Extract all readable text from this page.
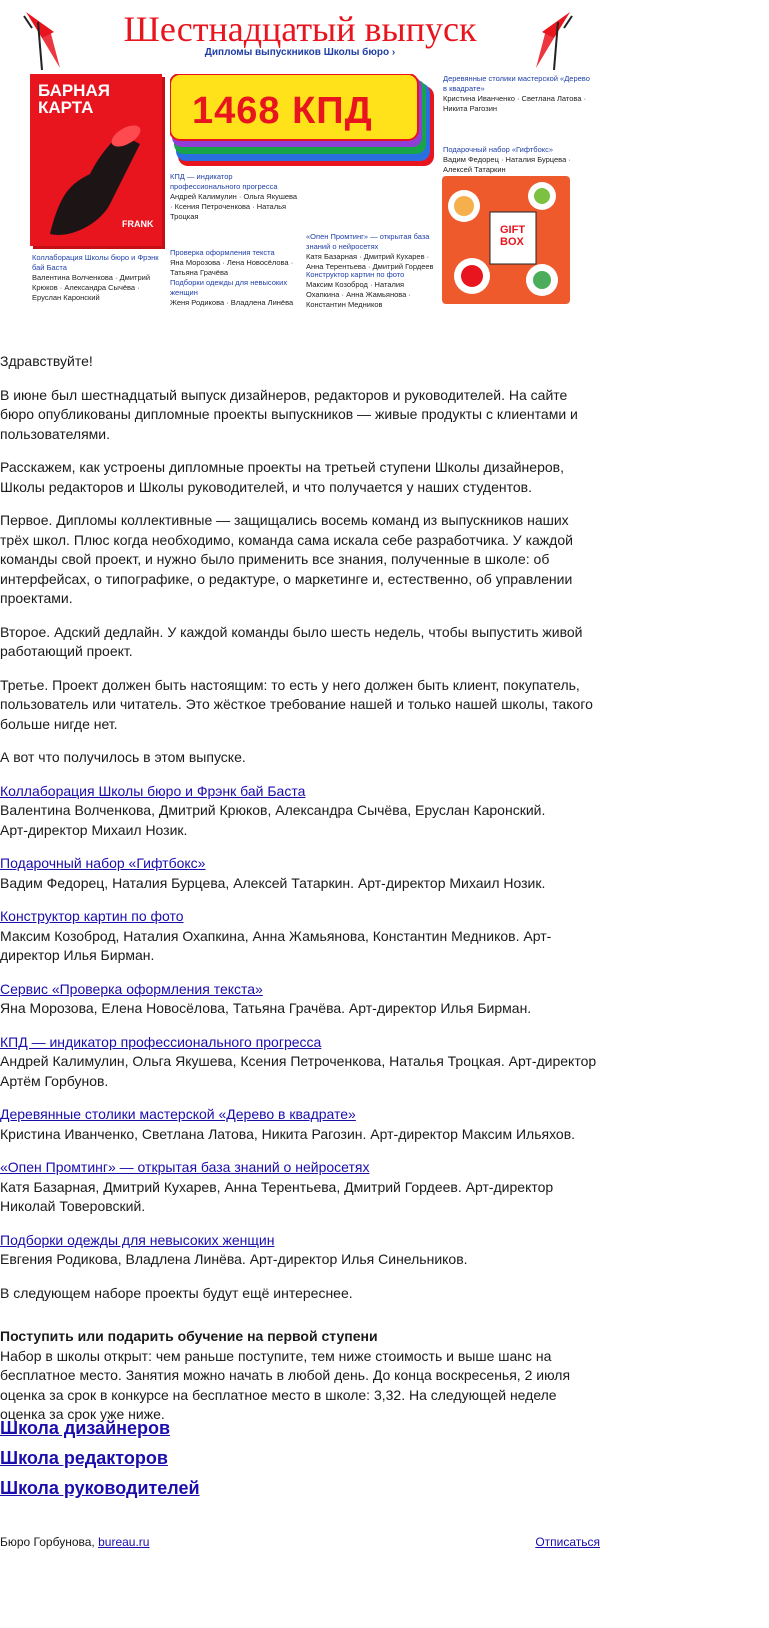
Шестнадцатый выпуск
Дипломы выпускников Школы бюро ›
БАРНАЯ КАРТА
FRANK
1468 КПД
GIFT BOX
Деревянные столики мастерской «Дерево в квадрате»
Кристина Иванченко · Светлана Латова · Никита Рагозин
Подарочный набор «Гифтбокс»
Вадим Федорец · Наталия Бурцева · Алексей Татаркин
КПД — индикатор профессионального прогресса
Андрей Калимулин · Ольга Якушева · Ксения Петроченкова · Наталья Троцкая
Коллаборация Школы бюро и Фрэнк бай Баста
Валентина Волченкова · Дмитрий Крюков · Александра Сычёва · Еруслан Каронский
Проверка оформления текста
Яна Морозова · Лена Новосёлова · Татьяна Грачёва
Подборки одежды для невысоких женщин
Женя Родикова · Владлена Линёва
«Опен Промтинг» — открытая база знаний о нейросетях
Катя Базарная · Дмитрий Кухарев · Анна Терентьева · Дмитрий Гордеев
Конструктор картин по фото
Максим Козоброд · Наталия Охапкина · Анна Жамьянова · Константин Медников

Здравствуйте!

В июне был шестнадцатый выпуск дизайнеров, редакторов и руководителей. На сайте бюро опубликованы дипломные проекты выпускников — живые продукты с клиентами и пользователями.

Расскажем, как устроены дипломные проекты на третьей ступени Школы дизайнеров, Школы редакторов и Школы руководителей, и что получается у наших студентов.

Первое. Дипломы коллективные — защищались восемь команд из выпускников наших трёх школ. Плюс когда необходимо, команда сама искала себе разработчика. У каждой команды свой проект, и нужно было применить все знания, полученные в школе: об интерфейсах, о типографике, о редактуре, о маркетинге и, естественно, об управлении проектами.

Второе. Адский дедлайн. У каждой команды было шесть недель, чтобы выпустить живой работающий проект.

Третье. Проект должен быть настоящим: то есть у него должен быть клиент, покупатель, пользователь или читатель. Это жёсткое требование нашей и только нашей школы, такого больше нигде нет.

А вот что получилось в этом выпуске.

Коллаборация Школы бюро и Фрэнк бай Баста
Валентина Волченкова, Дмитрий Крюков, Александра Сычёва, Еруслан Каронский.
Арт-директор Михаил Нозик.
Подарочный набор «Гифтбокс»
Вадим Федорец, Наталия Бурцева, Алексей Татаркин. Арт-директор Михаил Нозик.
Конструктор картин по фото
Максим Козоброд, Наталия Охапкина, Анна Жамьянова, Константин Медников. Арт-директор Илья Бирман.
Сервис «Проверка оформления текста»
Яна Морозова, Елена Новосёлова, Татьяна Грачёва. Арт-директор Илья Бирман.
КПД — индикатор профессионального прогресса
Андрей Калимулин, Ольга Якушева, Ксения Петроченкова, Наталья Троцкая. Арт-директор Артём Горбунов.
Деревянные столики мастерской «Дерево в квадрате»
Кристина Иванченко, Светлана Латова, Никита Рагозин. Арт-директор Максим Ильяхов.
«Опен Промтинг» — открытая база знаний о нейросетях
Катя Базарная, Дмитрий Кухарев, Анна Терентьева, Дмитрий Гордеев. Арт-директор Николай Товеровский.
Подборки одежды для невысоких женщин
Евгения Родикова, Владлена Линёва. Арт-директор Илья Синельников.

В следующем наборе проекты будут ещё интереснее.

Поступить или подарить обучение на первой ступени
Набор в школы открыт: чем раньше поступите, тем ниже стоимость и выше шанс на бесплатное место. Занятия можно начать в любой день. До конца воскресенья, 2 июля оценка за срок в конкурсе на бесплатное место в школе: 3,32. На следующей неделе оценка за срок уже ниже.
Школа дизайнеров
Школа редакторов
Школа руководителей
Бюро Горбунова, bureau.ru	Отписаться
